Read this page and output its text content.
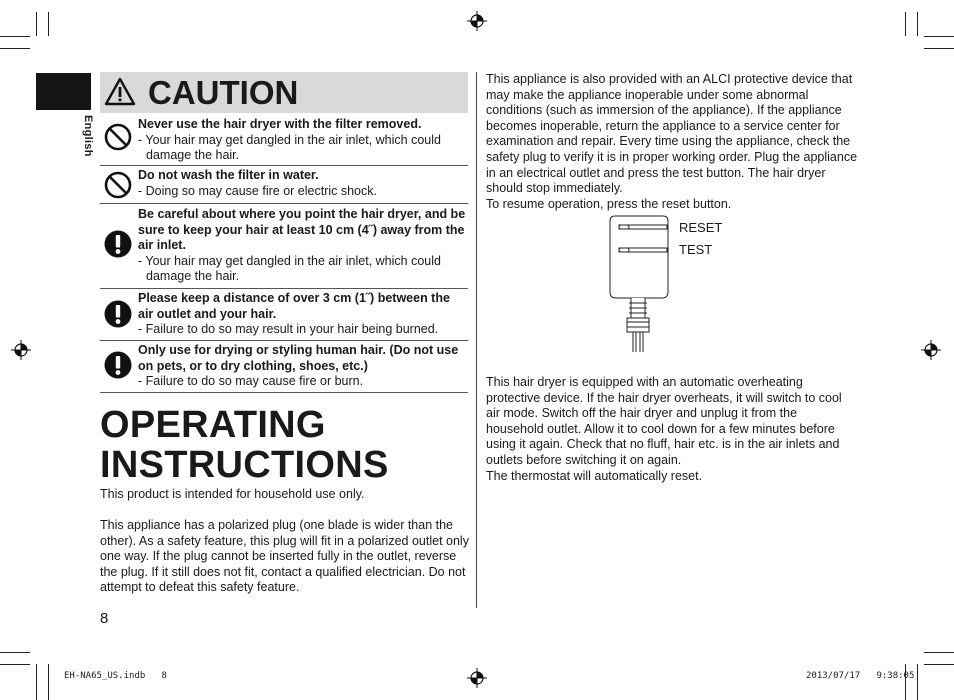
English
CAUTION
Never use the hair dryer with the filter removed.
- Your hair may get dangled in the air inlet, which could damage the hair.
Do not wash the filter in water.
- Doing so may cause fire or electric shock.
Be careful about where you point the hair dryer, and be sure to keep your hair at least 10 cm (4˝) away from the air inlet.
- Your hair may get dangled in the air inlet, which could damage the hair.
Please keep a distance of over 3 cm (1˝) between the air outlet and your hair.
- Failure to do so may result in your hair being burned.
Only use for drying or styling human hair. (Do not use on pets, or to dry clothing, shoes, etc.)
- Failure to do so may cause fire or burn.
OPERATING
INSTRUCTIONS
This product is intended for household use only.
This appliance has a polarized plug (one blade is wider than the other). As a safety feature, this plug will fit in a polarized outlet only one way. If the plug cannot be inserted fully in the outlet, reverse the plug. If it still does not fit, contact a qualified electrician. Do not attempt to defeat this safety feature.
8
This appliance is also provided with an ALCI protective device that may make the appliance inoperable under some abnormal conditions (such as immersion of the appliance). If the appliance becomes inoperable, return the appliance to a service center for examination and repair. Every time using the appliance, check the safety plug to verify it is in proper working order. Plug the appliance in an electrical outlet and press the test button. The hair dryer should stop immediately.
To resume operation, press the reset button.
RESET
TEST
This hair dryer is equipped with an automatic overheating protective device. If the hair dryer overheats, it will switch to cool air mode. Switch off the hair dryer and unplug it from the household outlet. Allow it to cool down for a few minutes before using it again. Check that no fluff, hair etc. is in the air inlets and outlets before switching it on again.
The thermostat will automatically reset.
EH-NA65_US.indb   8	2013/07/17   9:38:05
